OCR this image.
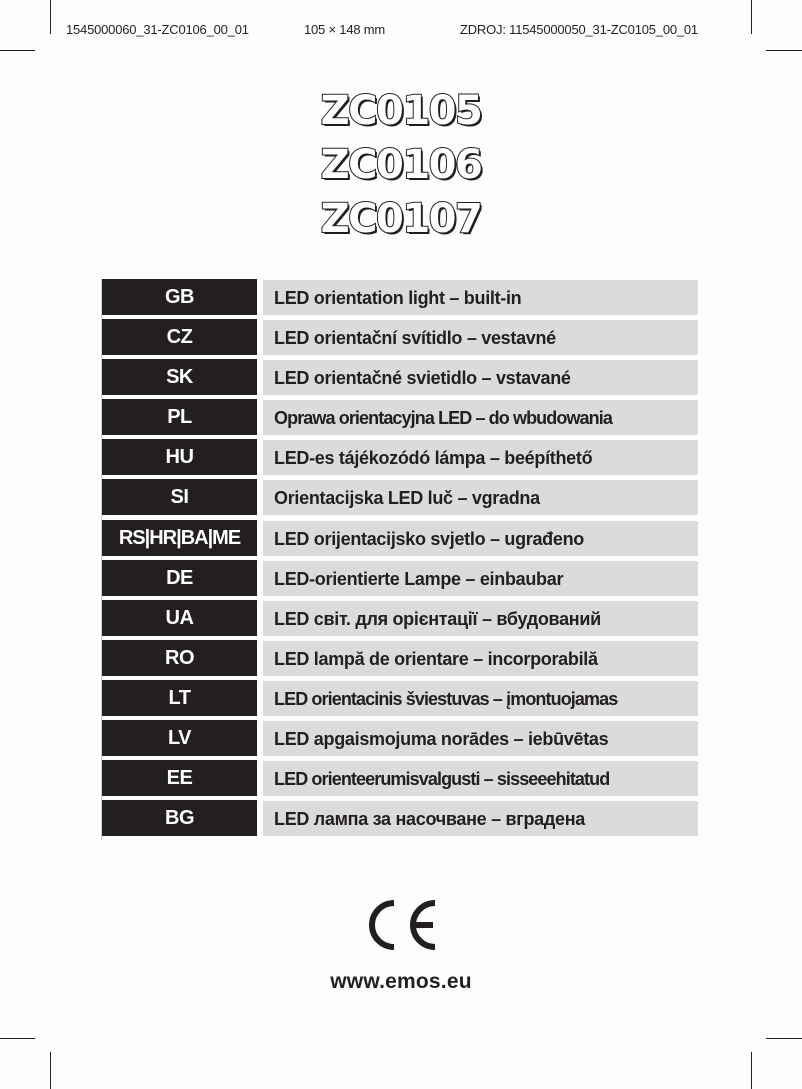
1545000060_31-ZC0106_00_01	105 × 148 mm	ZDROJ: 11545000050_31-ZC0105_00_01
ZC0105
ZC0106
ZC0107
GB	LED orientation light – built-in
CZ	LED orientační svítidlo – vestavné
SK	LED orientačné svietidlo – vstavané
PL	Oprawa orientacyjna LED – do wbudowania
HU	LED-es tájékozódó lámpa – beépíthető
SI	Orientacijska LED luč – vgradna
RS|HR|BA|ME	LED orijentacijsko svjetlo – ugrađeno
DE	LED-orientierte Lampe – einbaubar
UA	LED світ. для орієнтації – вбудований
RO	LED lampă de orientare – incorporabilă
LT	LED orientacinis šviestuvas – įmontuojamas
LV	LED apgaismojuma norādes – iebūvētas
EE	LED orienteerumisvalgusti – sisseeehitatud
BG	LED лампа за насочване – вградена
www.emos.eu
